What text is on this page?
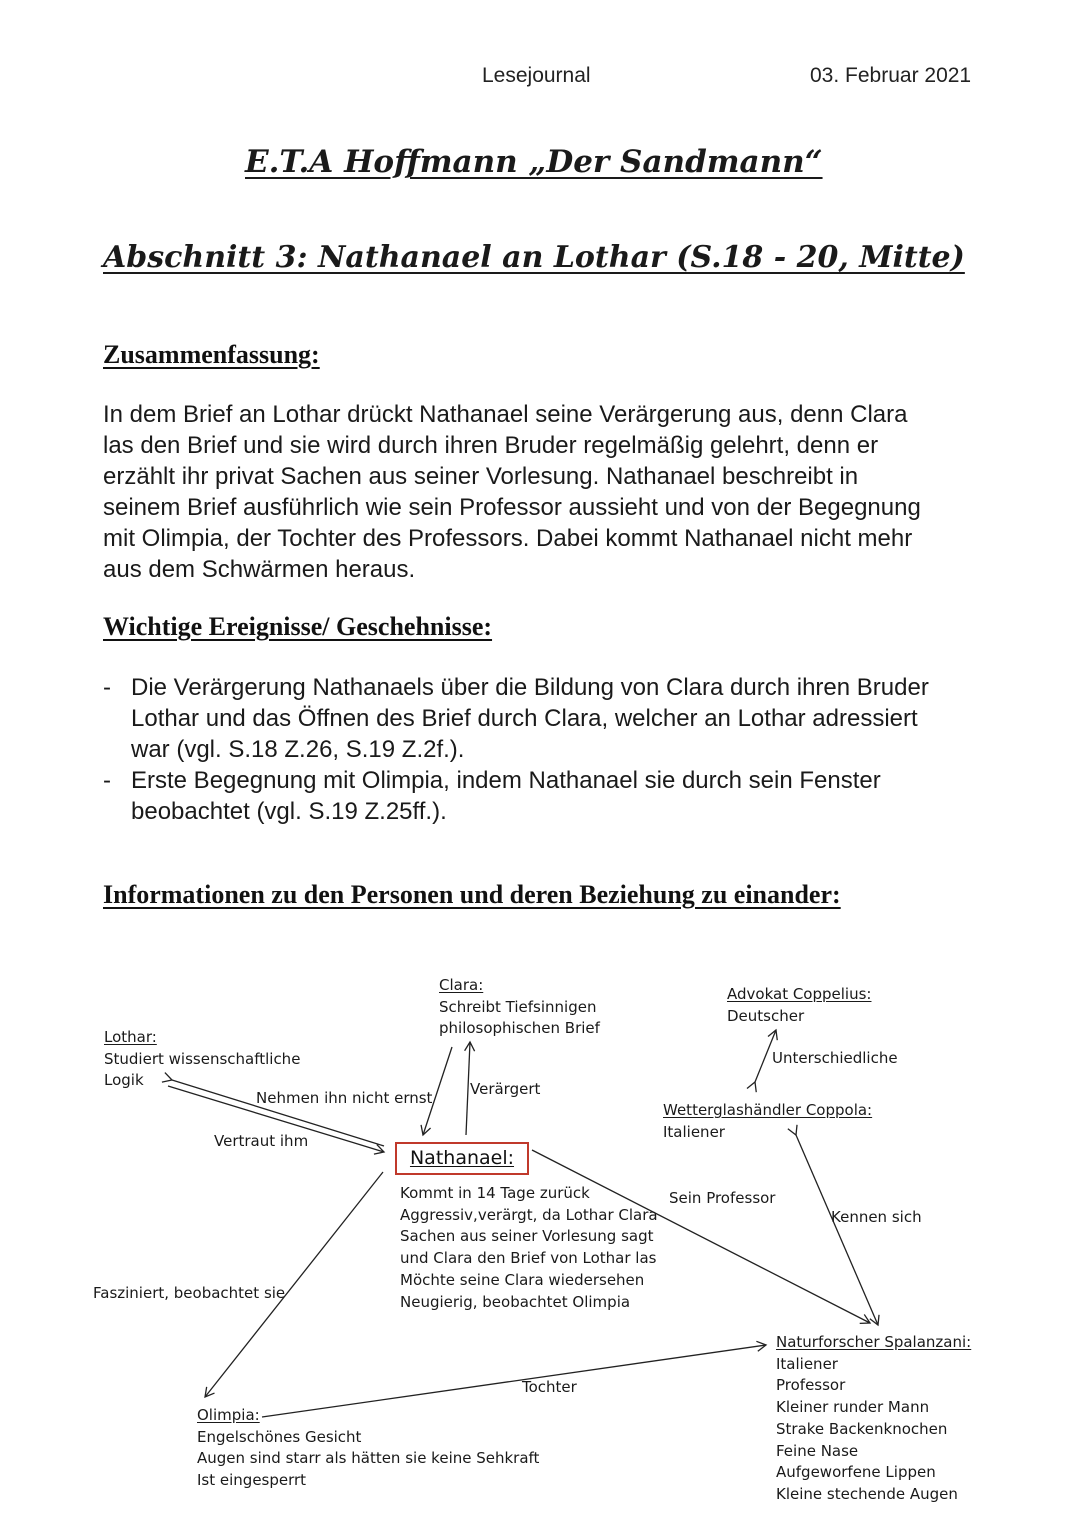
Lesejournal	03. Februar 2021
E.T.A Hoffmann „Der Sandmann“
Abschnitt 3: Nathanael an Lothar (S.18 - 20, Mitte)
Zusammenfassung:
In dem Brief an Lothar drückt Nathanael seine Verärgerung aus, denn Clara
las den Brief und sie wird durch ihren Bruder regelmäßig gelehrt, denn er
erzählt ihr privat Sachen aus seiner Vorlesung. Nathanael beschreibt in
seinem Brief ausführlich wie sein Professor aussieht und von der Begegnung
mit Olimpia, der Tochter des Professors. Dabei kommt Nathanael nicht mehr
aus dem Schwärmen heraus.
Wichtige Ereignisse/ Geschehnisse:
- Die Verärgerung Nathanaels über die Bildung von Clara durch ihren Bruder
Lothar und das Öffnen des Brief durch Clara, welcher an Lothar adressiert
war (vgl. S.18 Z.26, S.19 Z.2f.).
- Erste Begegnung mit Olimpia, indem Nathanael sie durch sein Fenster
beobachtet (vgl. S.19 Z.25ff.).
Informationen zu den Personen und deren Beziehung zu einander:
Clara:
Schreibt Tiefsinnigen
philosophischen Brief
Lothar:
Studiert wissenschaftliche
Logik
Advokat Coppelius:
Deutscher
Wetterglashändler Coppola:
Italiener
Nathanael:
Kommt in 14 Tage zurück
Aggressiv,verärgt, da Lothar Clara
Sachen aus seiner Vorlesung sagt
und Clara den Brief von Lothar las
Möchte seine Clara wiedersehen
Neugierig, beobachtet Olimpia
Naturforscher Spalanzani:
Italiener
Professor
Kleiner runder Mann
Strake Backenknochen
Feine Nase
Aufgeworfene Lippen
Kleine stechende Augen
Olimpia:
Engelschönes Gesicht
Augen sind starr als hätten sie keine Sehkraft
Ist eingesperrt
Nehmen ihn nicht ernst
Vertraut ihm
Verärgert
Unterschiedliche
Sein Professor
Kennen sich
Fasziniert, beobachtet sie
Tochter
